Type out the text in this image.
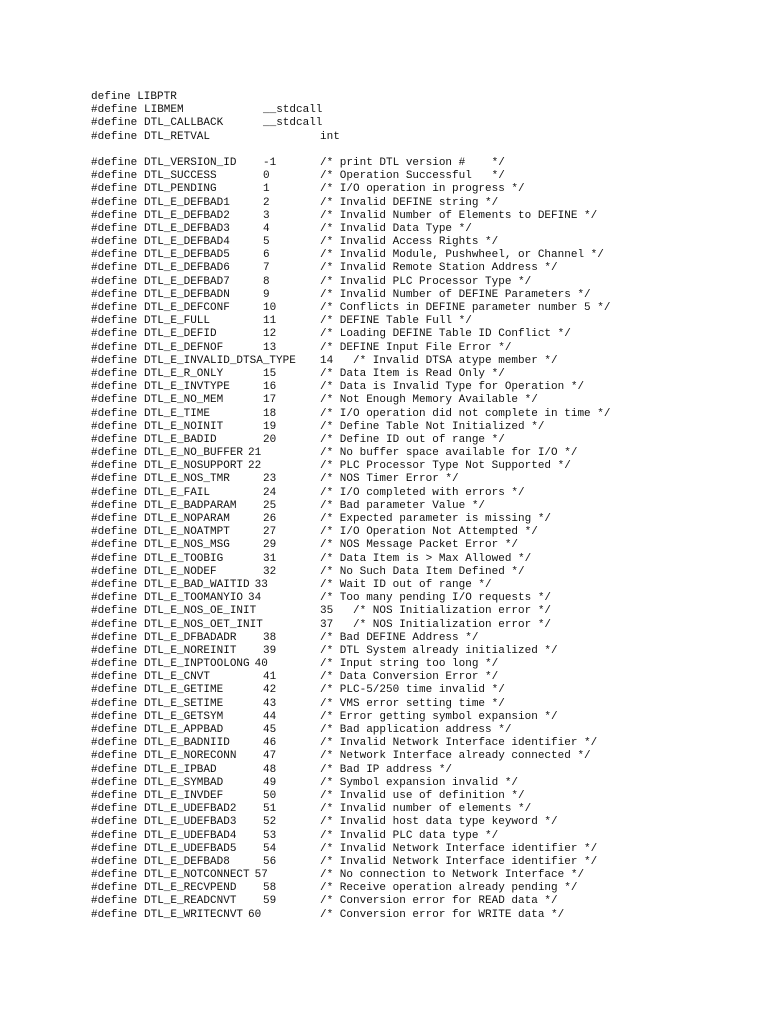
define LIBPTR
#define LIBMEM	__stdcall
#define DTL_CALLBACK	__stdcall
#define DTL_RETVAL	int
#define DTL_VERSION_ID -1	/* print DTL version #    */
#define DTL_SUCCESS	0	/* Operation Successful   */
#define DTL_PENDING	1	/* I/O operation in progress */
#define DTL_E_DEFBAD1	2	/* Invalid DEFINE string */
#define DTL_E_DEFBAD2	3	/* Invalid Number of Elements to DEFINE */
#define DTL_E_DEFBAD3	4	/* Invalid Data Type */
#define DTL_E_DEFBAD4	5	/* Invalid Access Rights */
#define DTL_E_DEFBAD5	6	/* Invalid Module, Pushwheel, or Channel */
#define DTL_E_DEFBAD6	7	/* Invalid Remote Station Address */
#define DTL_E_DEFBAD7	8	/* Invalid PLC Processor Type */
#define DTL_E_DEFBADN	9	/* Invalid Number of DEFINE Parameters */
#define DTL_E_DEFCONF	10	/* Conflicts in DEFINE parameter number 5 */
#define DTL_E_FULL	11	/* DEFINE Table Full */
#define DTL_E_DEFID	12	/* Loading DEFINE Table ID Conflict */
#define DTL_E_DEFNOF	13	/* DEFINE Input File Error */
#define DTL_E_INVALID_DTSA_TYPE 14 /* Invalid DTSA atype member */
#define DTL_E_R_ONLY	15	/* Data Item is Read Only */
#define DTL_E_INVTYPE	16	/* Data is Invalid Type for Operation */
#define DTL_E_NO_MEM	17	/* Not Enough Memory Available */
#define DTL_E_TIME	18	/* I/O operation did not complete in time */
#define DTL_E_NOINIT	19	/* Define Table Not Initialized */
#define DTL_E_BADID	20	/* Define ID out of range */
#define DTL_E_NO_BUFFER 21	/* No buffer space available for I/O */
#define DTL_E_NOSUPPORT 22	/* PLC Processor Type Not Supported */
#define DTL_E_NOS_TMR	23	/* NOS Timer Error */
#define DTL_E_FAIL	24	/* I/O completed with errors */
#define DTL_E_BADPARAM 25	/* Bad parameter Value */
#define DTL_E_NOPARAM	26	/* Expected parameter is missing */
#define DTL_E_NOATMPT	27	/* I/O Operation Not Attempted */
#define DTL_E_NOS_MSG	29	/* NOS Message Packet Error */
#define DTL_E_TOOBIG	31	/* Data Item is > Max Allowed */
#define DTL_E_NODEF	32	/* No Such Data Item Defined */
#define DTL_E_BAD_WAITID 33	/* Wait ID out of range */
#define DTL_E_TOOMANYIO 34	/* Too many pending I/O requests */
#define DTL_E_NOS_OE_INIT	35 /* NOS Initialization error */
#define DTL_E_NOS_OET_INIT	37 /* NOS Initialization error */
#define DTL_E_DFBADADR 38	/* Bad DEFINE Address */
#define DTL_E_NOREINIT 39	/* DTL System already initialized */
#define DTL_E_INPTOOLONG 40	/* Input string too long */
#define DTL_E_CNVT	41	/* Data Conversion Error */
#define DTL_E_GETIME	42	/* PLC-5/250 time invalid */
#define DTL_E_SETIME	43	/* VMS error setting time */
#define DTL_E_GETSYM	44	/* Error getting symbol expansion */
#define DTL_E_APPBAD	45	/* Bad application address */
#define DTL_E_BADNIID	46	/* Invalid Network Interface identifier */
#define DTL_E_NORECONN 47	/* Network Interface already connected */
#define DTL_E_IPBAD	48	/* Bad IP address */
#define DTL_E_SYMBAD	49	/* Symbol expansion invalid */
#define DTL_E_INVDEF	50	/* Invalid use of definition */
#define DTL_E_UDEFBAD2 51	/* Invalid number of elements */
#define DTL_E_UDEFBAD3 52	/* Invalid host data type keyword */
#define DTL_E_UDEFBAD4 53	/* Invalid PLC data type */
#define DTL_E_UDEFBAD5 54	/* Invalid Network Interface identifier */
#define DTL_E_DEFBAD8	56	/* Invalid Network Interface identifier */
#define DTL_E_NOTCONNECT 57	/* No connection to Network Interface */
#define DTL_E_RECVPEND 58	/* Receive operation already pending */
#define DTL_E_READCNVT 59	/* Conversion error for READ data */
#define DTL_E_WRITECNVT 60	/* Conversion error for WRITE data */
